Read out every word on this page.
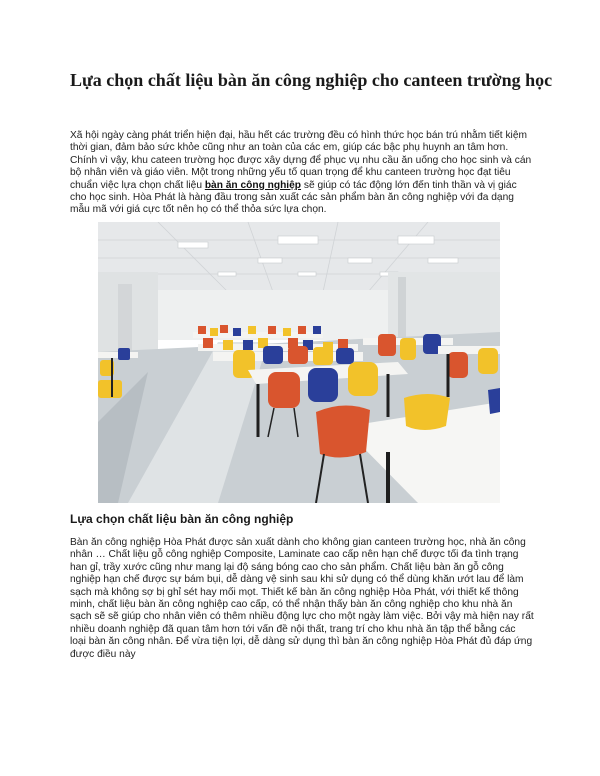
Lựa chọn chất liệu bàn ăn công nghiệp cho canteen trường học
Xã hội ngày càng phát triển hiện đại, hầu hết các trường đều có hình thức học bán trú nhằm tiết kiệm thời gian, đảm bảo sức khỏe cũng như an toàn của các em, giúp các bậc phụ huynh an tâm hơn. Chính vì vậy, khu cateen trường học được xây dựng để phục vụ nhu cầu ăn uống cho học sinh và cán bộ nhân viên và giáo viên. Một trong những yếu tố quan trọng để khu canteen trường học đạt tiêu chuẩn việc lựa chọn chất liệu bàn ăn công nghiệp sẽ giúp có tác động lớn đến tinh thần và vị giác cho học sinh. Hòa Phát là hàng đầu trong sản xuất các sản phẩm bàn ăn công nghiệp với đa dạng mẫu mã với giá cực tốt nên họ có thể thỏa sức lựa chọn.
Lựa chọn chất liệu bàn ăn công nghiệp
Bàn ăn công nghiệp Hòa Phát được sản xuất dành cho không gian canteen trường học, nhà ăn công nhân … Chất liệu gỗ công nghiệp Composite, Laminate cao cấp nên hạn chế được tối đa tình trạng han gỉ, trầy xước cũng như mang lại độ sáng bóng cao cho sản phẩm. Chất liệu bàn ăn gỗ công nghiệp hạn chế được sự bám bụi, dễ dàng vệ sinh sau khi sử dụng có thể dùng khăn ướt lau để làm sạch mà không sợ bị ghỉ sét hay mối mọt. Thiết kế bàn ăn công nghiệp Hòa Phát, với thiết kế thông minh, chất liệu bàn ăn công nghiệp cao cấp, có thể nhận thấy bàn ăn công nghiệp cho khu nhà ăn sạch sẽ sẽ giúp cho nhân viên có thêm nhiều động lực cho một ngày làm việc. Bởi vậy mà hiện nay rất nhiều doanh nghiệp đã quan tâm hơn tới vấn đề nội thất, trang trí cho khu nhà ăn tập thể bằng các loại bàn ăn công nhân. Để vừa tiện lợi, dễ dàng sử dụng thì bàn ăn công nghiệp Hòa Phát đủ đáp ứng được điều này
